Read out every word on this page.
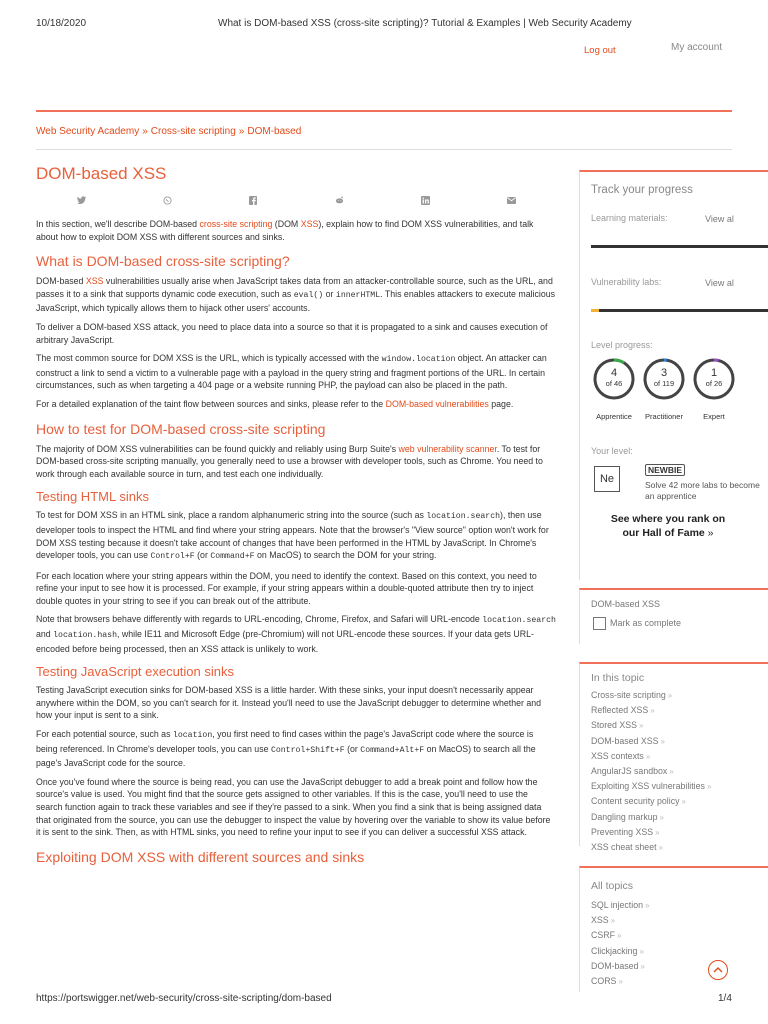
10/18/2020	What is DOM-based XSS (cross-site scripting)? Tutorial & Examples | Web Security Academy
Log out	My account
Web Security Academy » Cross-site scripting » DOM-based
DOM-based XSS

In this section, we'll describe DOM-based cross-site scripting (DOM XSS), explain how to find DOM XSS vulnerabilities, and talk about how to exploit DOM XSS with different sources and sinks.

What is DOM-based cross-site scripting?

DOM-based XSS vulnerabilities usually arise when JavaScript takes data from an attacker-controllable source, such as the URL, and passes it to a sink that supports dynamic code execution, such as eval() or innerHTML. This enables attackers to execute malicious JavaScript, which typically allows them to hijack other users' accounts.

To deliver a DOM-based XSS attack, you need to place data into a source so that it is propagated to a sink and causes execution of arbitrary JavaScript.

The most common source for DOM XSS is the URL, which is typically accessed with the window.location object. An attacker can construct a link to send a victim to a vulnerable page with a payload in the query string and fragment portions of the URL. In certain circumstances, such as when targeting a 404 page or a website running PHP, the payload can also be placed in the path.

For a detailed explanation of the taint flow between sources and sinks, please refer to the DOM-based vulnerabilities page.

How to test for DOM-based cross-site scripting

The majority of DOM XSS vulnerabilities can be found quickly and reliably using Burp Suite's web vulnerability scanner. To test for DOM-based cross-site scripting manually, you generally need to use a browser with developer tools, such as Chrome. You need to work through each available source in turn, and test each one individually.

Testing HTML sinks

To test for DOM XSS in an HTML sink, place a random alphanumeric string into the source (such as location.search), then use developer tools to inspect the HTML and find where your string appears. Note that the browser's "View source" option won't work for DOM XSS testing because it doesn't take account of changes that have been performed in the HTML by JavaScript. In Chrome's developer tools, you can use Control+F (or Command+F on MacOS) to search the DOM for your string.

For each location where your string appears within the DOM, you need to identify the context. Based on this context, you need to refine your input to see how it is processed. For example, if your string appears within a double-quoted attribute then try to inject double quotes in your string to see if you can break out of the attribute.

Note that browsers behave differently with regards to URL-encoding, Chrome, Firefox, and Safari will URL-encode location.search and location.hash, while IE11 and Microsoft Edge (pre-Chromium) will not URL-encode these sources. If your data gets URL-encoded before being processed, then an XSS attack is unlikely to work.

Testing JavaScript execution sinks

Testing JavaScript execution sinks for DOM-based XSS is a little harder. With these sinks, your input doesn't necessarily appear anywhere within the DOM, so you can't search for it. Instead you'll need to use the JavaScript debugger to determine whether and how your input is sent to a sink.

For each potential source, such as location, you first need to find cases within the page's JavaScript code where the source is being referenced. In Chrome's developer tools, you can use Control+Shift+F (or Command+Alt+F on MacOS) to search all the page's JavaScript code for the source.

Once you've found where the source is being read, you can use the JavaScript debugger to add a break point and follow how the source's value is used. You might find that the source gets assigned to other variables. If this is the case, you'll need to use the search function again to track these variables and see if they're passed to a sink. When you find a sink that is being assigned data that originated from the source, you can use the debugger to inspect the value by hovering over the variable to show its value before it is sent to the sink. Then, as with HTML sinks, you need to refine your input to see if you can deliver a successful XSS attack.

Exploiting DOM XSS with different sources and sinks
Track your progress
Learning materials:	View al
Vulnerability labs:	View al
Level progress:
4
of 46
Apprentice
3
of 119
Practitioner
1
of 26
Expert
Your level:
Ne
NEWBIE
Solve 42 more labs to become an apprentice
See where you rank on our Hall of Fame »
DOM-based XSS
Mark as complete
In this topic
Cross-site scripting »
Reflected XSS »
Stored XSS »
DOM-based XSS »
XSS contexts »
AngularJS sandbox »
Exploiting XSS vulnerabilities »
Content security policy »
Dangling markup »
Preventing XSS »
XSS cheat sheet »
All topics
SQL injection »
XSS »
CSRF »
Clickjacking »
DOM-based »
CORS »
https://portswigger.net/web-security/cross-site-scripting/dom-based	1/4
